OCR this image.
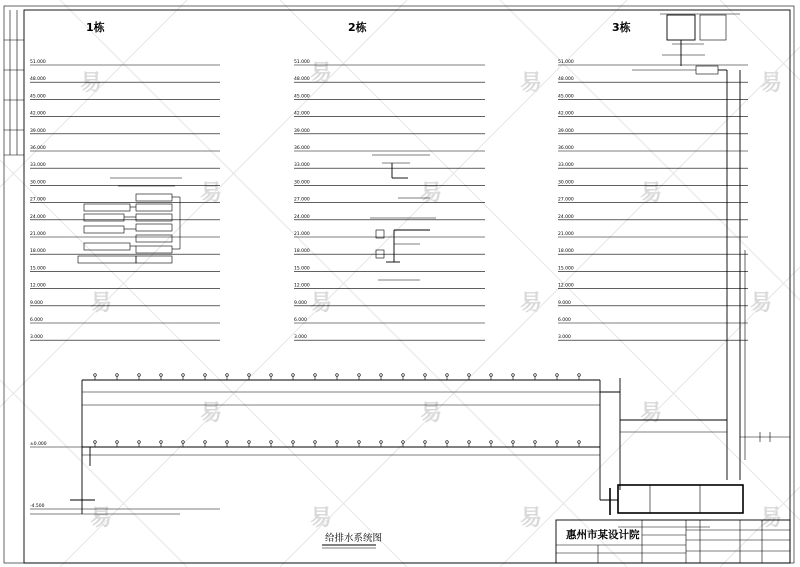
易	易	易	易
易	易	易
易	易	易	易
易	易	易
易	易	易	易
1栋	2栋	3栋
51.000
48.000
45.000
42.000
39.000
36.000
33.000
30.000
27.000
24.000
21.000
18.000
15.000
12.000
9.000
6.000
3.000
±0.000
-4.500
51.000
48.000
45.000
42.000
39.000
36.000
33.000
30.000
27.000
24.000
21.000
18.000
15.000
12.000
9.000
6.000
3.000
51.000
48.000
45.000
42.000
39.000
36.000
33.000
30.000
27.000
24.000
21.000
18.000
15.000
12.000
9.000
6.000
3.000
给排水系统图	惠州市某设计院
